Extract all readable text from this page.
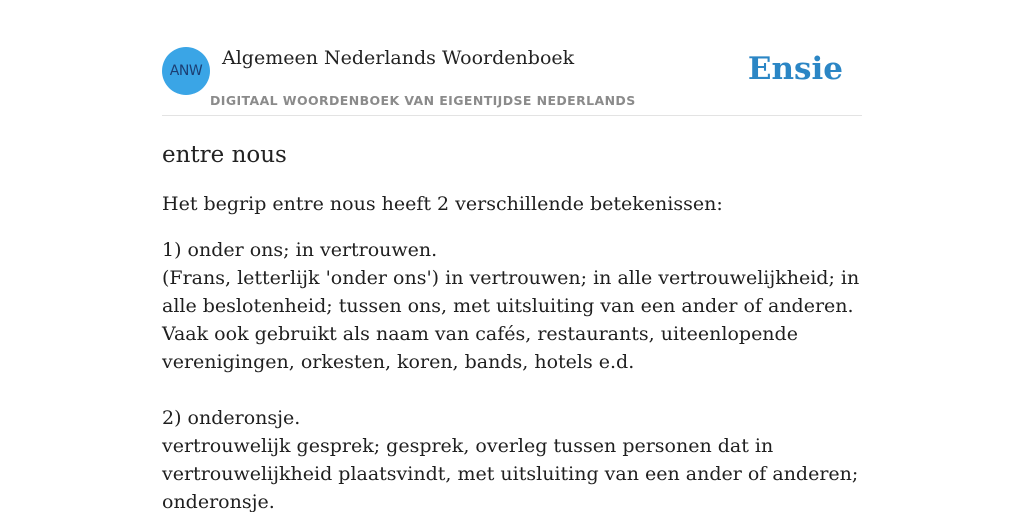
ANW
Algemeen Nederlands Woordenboek
DIGITAAL WOORDENBOEK VAN EIGENTIJDSE NEDERLANDS
Ensie
entre nous

Het begrip entre nous heeft 2 verschillende betekenissen:

1) onder ons; in vertrouwen.
(Frans, letterlijk 'onder ons') in vertrouwen; in alle vertrouwelijkheid; in alle beslotenheid; tussen ons, met uitsluiting van een ander of anderen.
Vaak ook gebruikt als naam van cafés, restaurants, uiteenlopende verenigingen, orkesten, koren, bands, hotels e.d.
2) onderonsje.
vertrouwelijk gesprek; gesprek, overleg tussen personen dat in vertrouwelijkheid plaatsvindt, met uitsluiting van een ander of anderen; onderonsje.
